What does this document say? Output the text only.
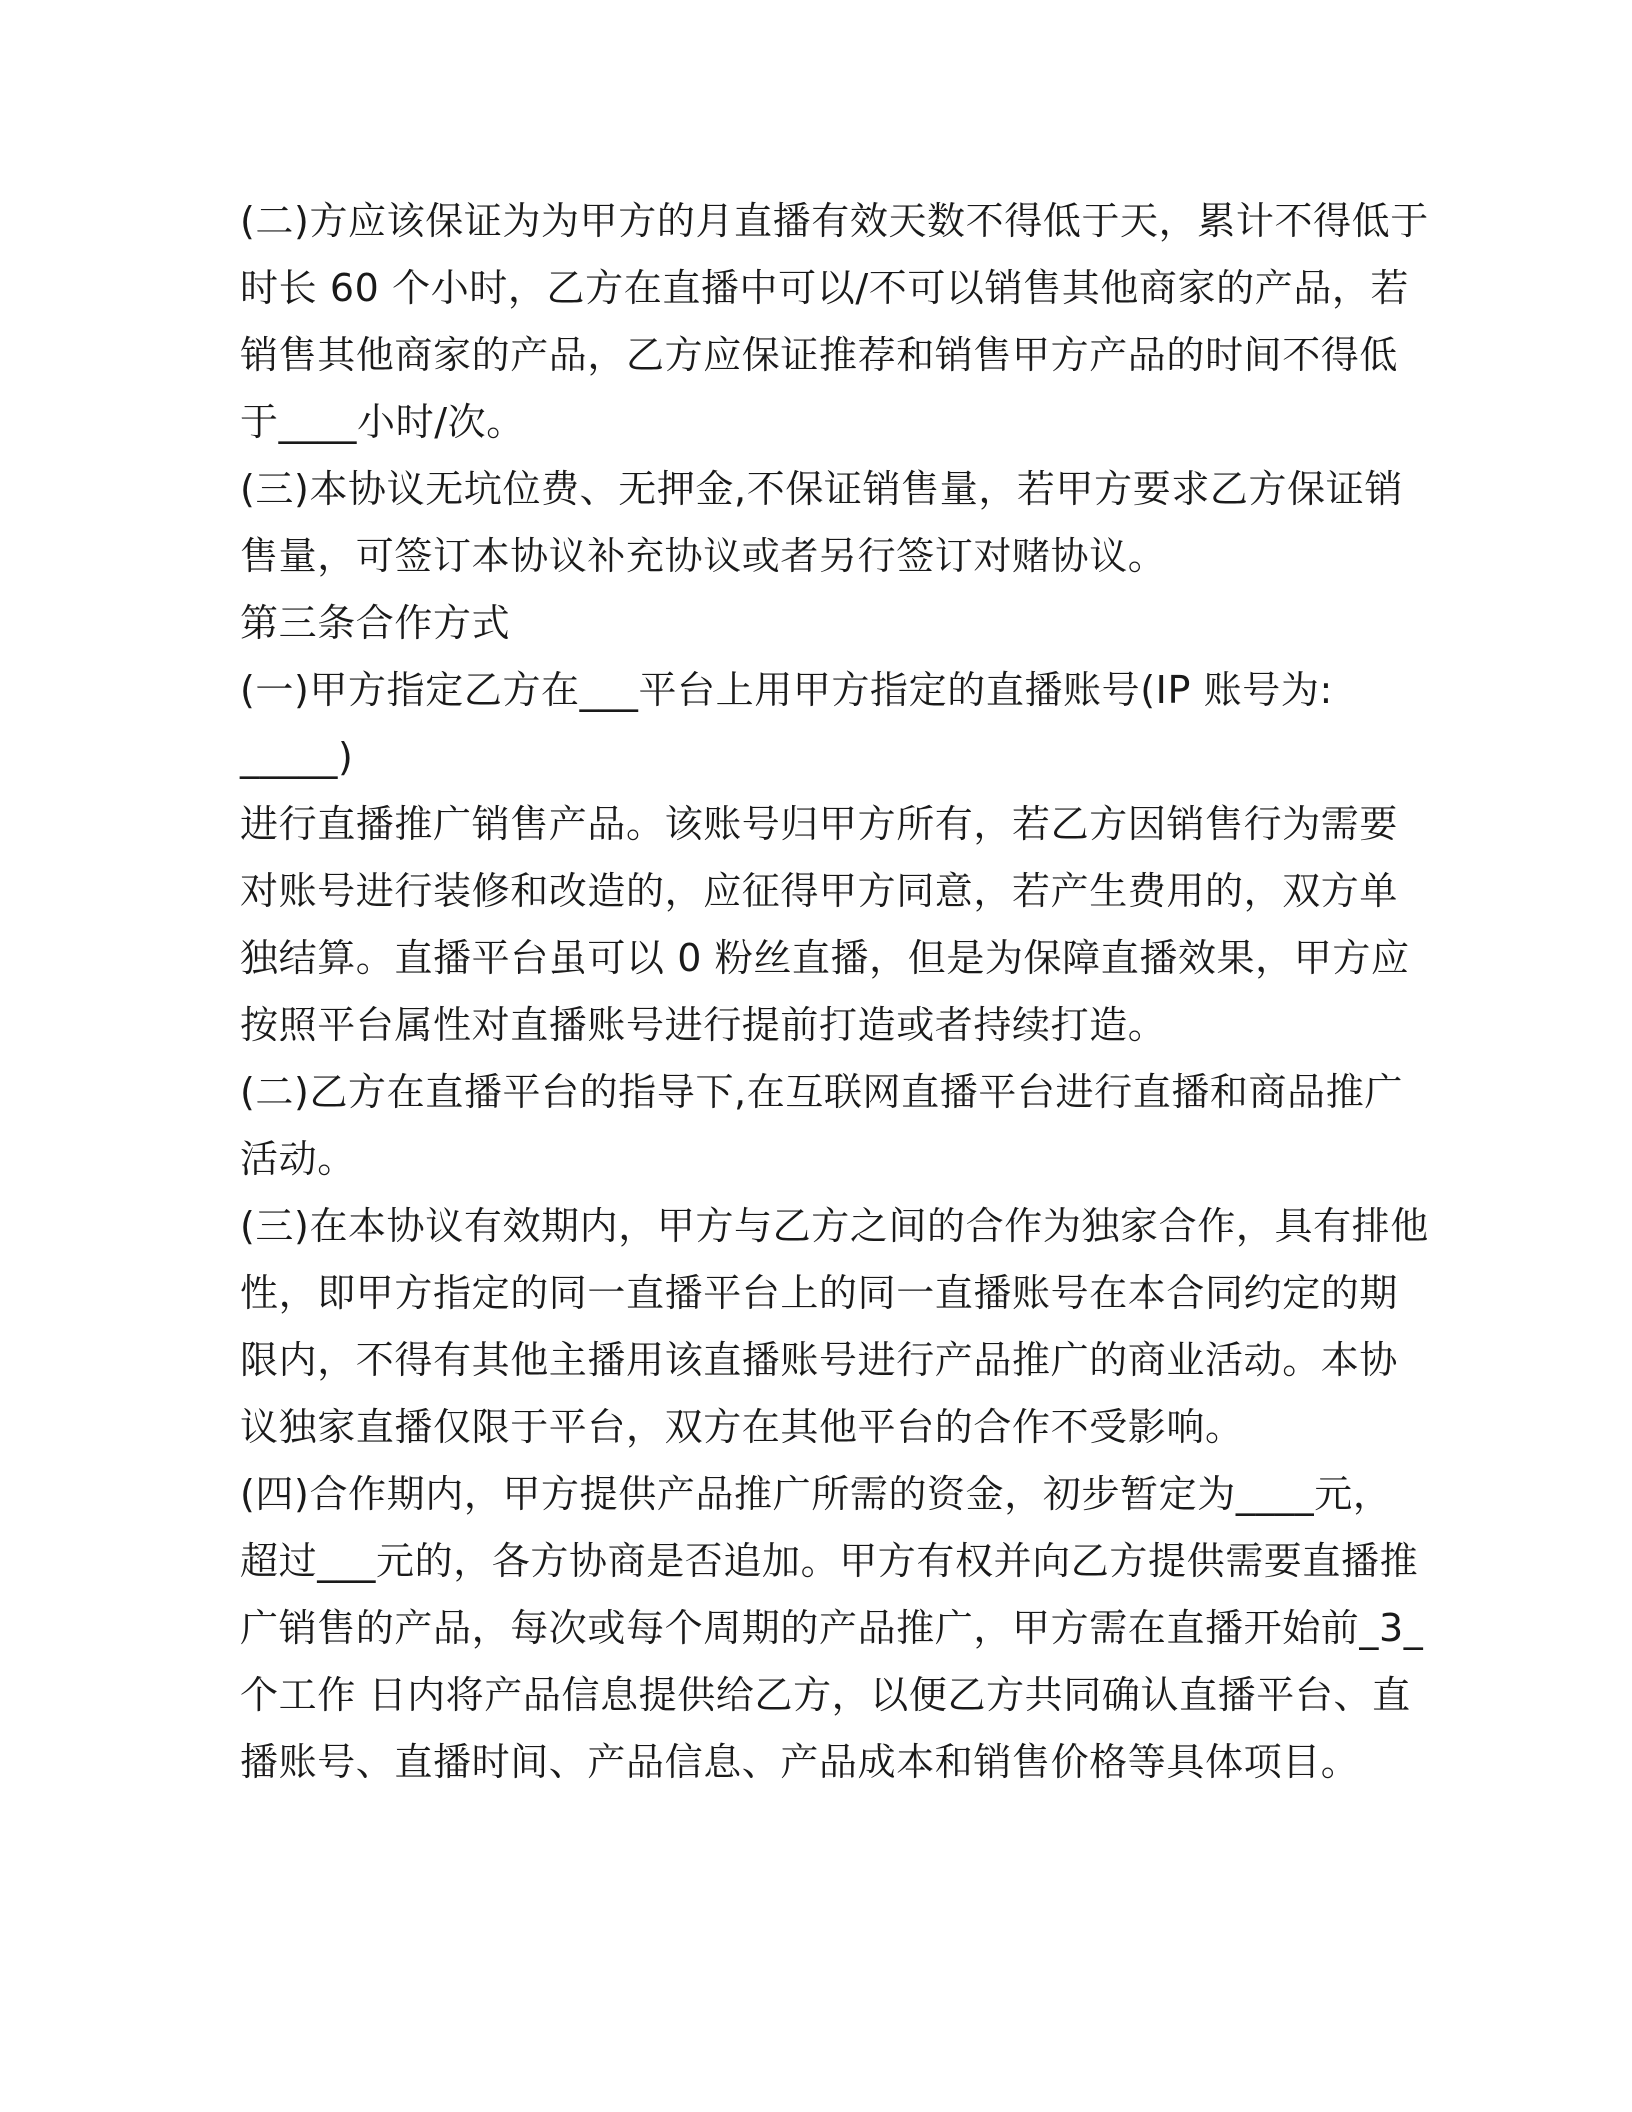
(二)方应该保证为为甲方的月直播有效天数不得低于天，累计不得低于
时长 60 个小时，乙方在直播中可以/不可以销售其他商家的产品，若
销售其他商家的产品，乙方应保证推荐和销售甲方产品的时间不得低
于____小时/次。
(三)本协议无坑位费、无押金,不保证销售量，若甲方要求乙方保证销
售量，可签订本协议补充协议或者另行签订对赌协议。
第三条合作方式
(一)甲方指定乙方在___平台上用甲方指定的直播账号(IP 账号为:
_____)
进行直播推广销售产品。该账号归甲方所有，若乙方因销售行为需要
对账号进行装修和改造的，应征得甲方同意，若产生费用的，双方单
独结算。直播平台虽可以 0 粉丝直播，但是为保障直播效果，甲方应
按照平台属性对直播账号进行提前打造或者持续打造。
(二)乙方在直播平台的指导下,在互联网直播平台进行直播和商品推广
活动。
(三)在本协议有效期内，甲方与乙方之间的合作为独家合作，具有排他
性，即甲方指定的同一直播平台上的同一直播账号在本合同约定的期
限内，不得有其他主播用该直播账号进行产品推广的商业活动。本协
议独家直播仅限于平台，双方在其他平台的合作不受影响。
(四)合作期内，甲方提供产品推广所需的资金，初步暂定为____元，
超过___元的，各方协商是否追加。甲方有权并向乙方提供需要直播推
广销售的产品，每次或每个周期的产品推广，甲方需在直播开始前_3_
个工作 日内将产品信息提供给乙方，以便乙方共同确认直播平台、直
播账号、直播时间、产品信息、产品成本和销售价格等具体项目。
